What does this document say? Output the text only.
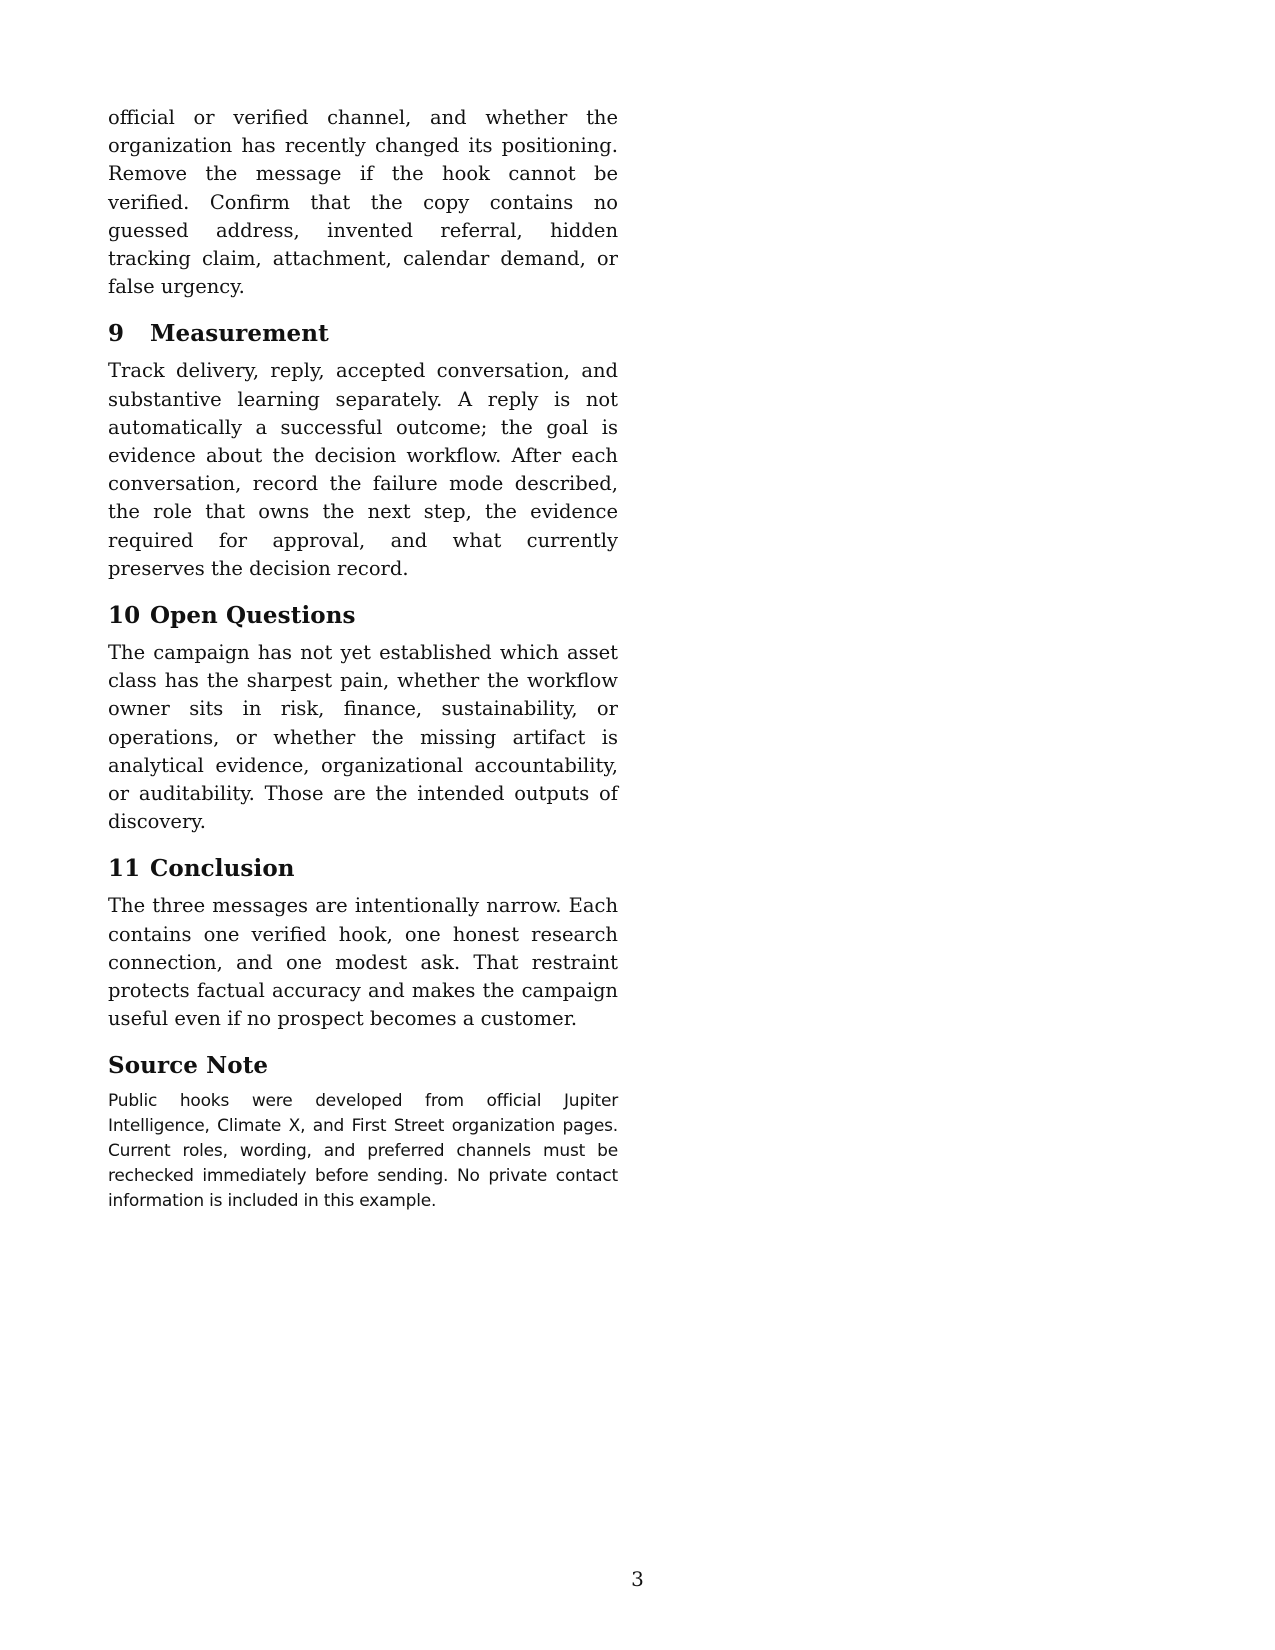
official or verified channel, and whether the organization has recently changed its positioning. Remove the message if the hook cannot be verified. Confirm that the copy contains no guessed address, invented referral, hidden tracking claim, attachment, calendar demand, or false urgency.

9 Measurement

Track delivery, reply, accepted conversation, and substantive learning separately. A reply is not automatically a successful outcome; the goal is evidence about the decision workflow. After each conversation, record the failure mode described, the role that owns the next step, the evidence required for approval, and what currently preserves the decision record.

10 Open Questions

The campaign has not yet established which asset class has the sharpest pain, whether the workflow owner sits in risk, finance, sustainability, or operations, or whether the missing artifact is analytical evidence, organizational accountability, or auditability. Those are the intended outputs of discovery.

11 Conclusion

The three messages are intentionally narrow. Each contains one verified hook, one honest research connection, and one modest ask. That restraint protects factual accuracy and makes the campaign useful even if no prospect becomes a customer.

Source Note

Public hooks were developed from official Jupiter Intelligence, Climate X, and First Street organization pages. Current roles, wording, and preferred channels must be rechecked immediately before sending. No private contact information is included in this example.

3
